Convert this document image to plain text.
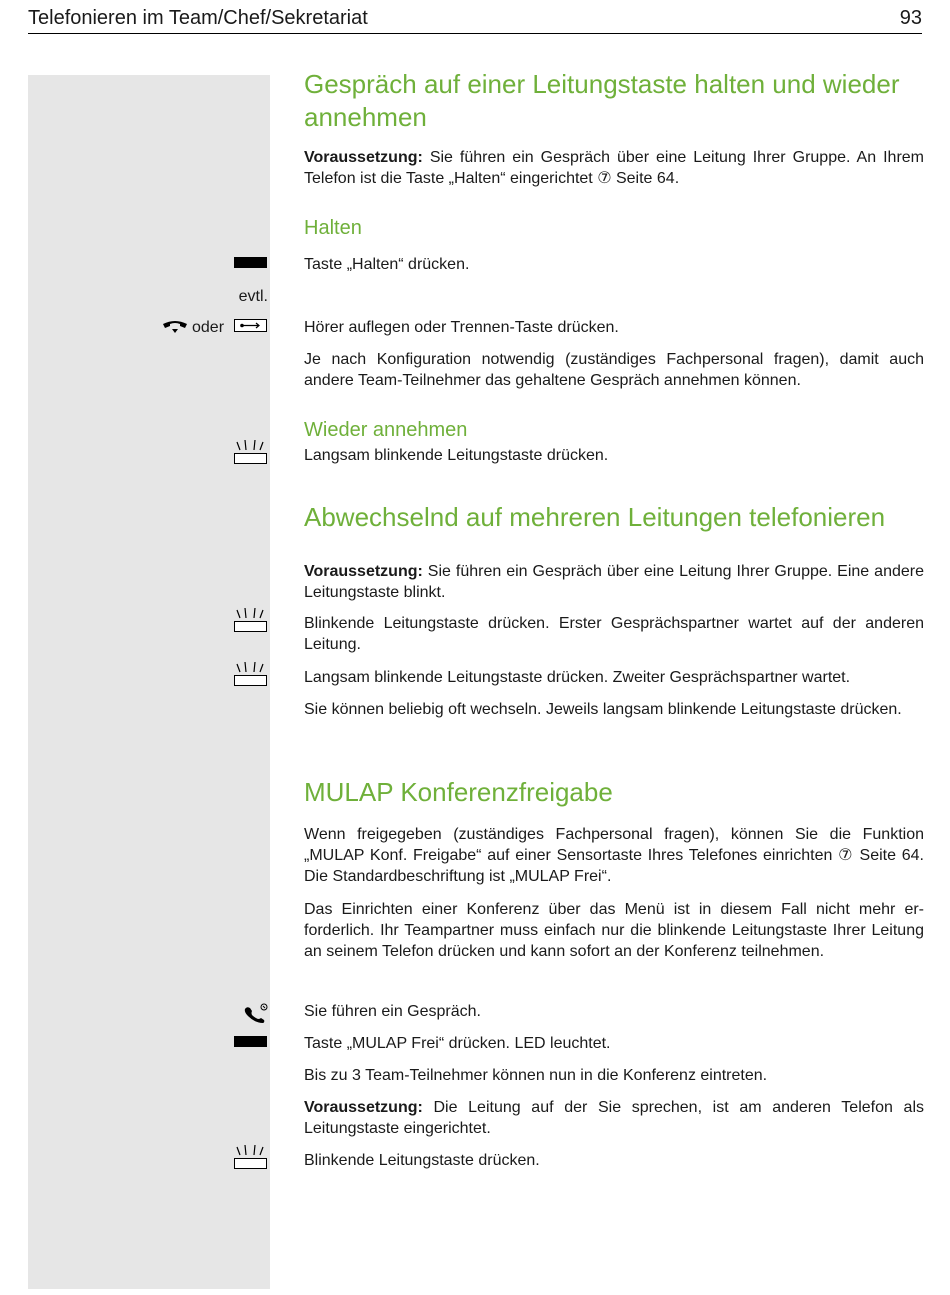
Telefonieren im Team/Chef/Sekretariat	93
Gespräch auf einer Leitungstaste halten und wieder annehmen
Voraussetzung: Sie führen ein Gespräch über eine Leitung Ihrer Gruppe. An Ihrem Telefon ist die Taste „Halten“ eingerichtet ⑦ Seite 64.
Halten
Taste „Halten“ drücken.
evtl.
oder	Hörer auflegen oder Trennen-Taste drücken.
Je nach Konfiguration notwendig (zuständiges Fachpersonal fragen), damit auch andere Team-Teilnehmer das gehaltene Gespräch annehmen können.
Wieder annehmen
Langsam blinkende Leitungstaste drücken.
Abwechselnd auf mehreren Leitungen telefonieren
Voraussetzung: Sie führen ein Gespräch über eine Leitung Ihrer Gruppe. Eine andere Leitungstaste blinkt.
Blinkende Leitungstaste drücken. Erster Gesprächspartner wartet auf der anderen Leitung.
Langsam blinkende Leitungstaste drücken. Zweiter Gesprächspartner wartet.
Sie können beliebig oft wechseln. Jeweils langsam blinkende Leitungstaste drücken.
MULAP Konferenzfreigabe
Wenn freigegeben (zuständiges Fachpersonal fragen), können Sie die Funktion „MULAP Konf. Freigabe“ auf einer Sensortaste Ihres Telefones einrichten ⑦ Seite 64. Die Standardbeschriftung ist „MULAP Frei“.
Das Einrichten einer Konferenz über das Menü ist in diesem Fall nicht mehr erforderlich. Ihr Teampartner muss einfach nur die blinkende Leitungstaste Ihrer Leitung an seinem Telefon drücken und kann sofort an der Konferenz teilnehmen.
Sie führen ein Gespräch.
Taste „MULAP Frei“ drücken. LED leuchtet.
Bis zu 3 Team-Teilnehmer können nun in die Konferenz eintreten.
Voraussetzung: Die Leitung auf der Sie sprechen, ist am anderen Telefon als Leitungstaste eingerichtet.
Blinkende Leitungstaste drücken.
